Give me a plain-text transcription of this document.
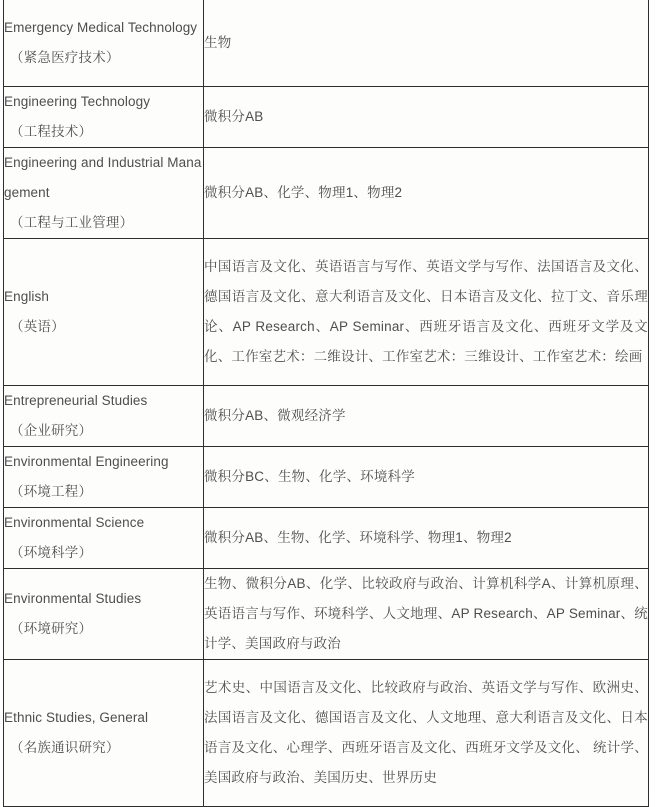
Emergency Medical Technology
（紧急医疗技术）	生物

Engineering Technology
（工程技术）	微积分AB

Engineering and Industrial Management
（工程与工业管理）	微积分AB、化学、物理1、物理2

English
（英语）	中国语言及文化、英语语言与写作、英语文学与写作、法国语言及文化、德国语言及文化、意大利语言及文化、日本语言及文化、拉丁文、音乐理论、AP Research、AP Seminar、西班牙语言及文化、西班牙文学及文化、工作室艺术：二维设计、工作室艺术：三维设计、工作室艺术：绘画

Entrepreneurial Studies
（企业研究）	微积分AB、微观经济学

Environmental Engineering
（环境工程）	微积分BC、生物、化学、环境科学

Environmental Science
（环境科学）	微积分AB、生物、化学、环境科学、物理1、物理2

Environmental Studies
（环境研究）	生物、微积分AB、化学、比较政府与政治、计算机科学A、计算机原理、英语语言与写作、环境科学、人文地理、AP Research、AP Seminar、统计学、美国政府与政治

Ethnic Studies, General
（名族通识研究）	艺术史、中国语言及文化、比较政府与政治、英语文学与写作、欧洲史、法国语言及文化、德国语言及文化、人文地理、意大利语言及文化、日本语言及文化、心理学、西班牙语言及文化、西班牙文学及文化、 统计学、美国政府与政治、美国历史、世界历史
